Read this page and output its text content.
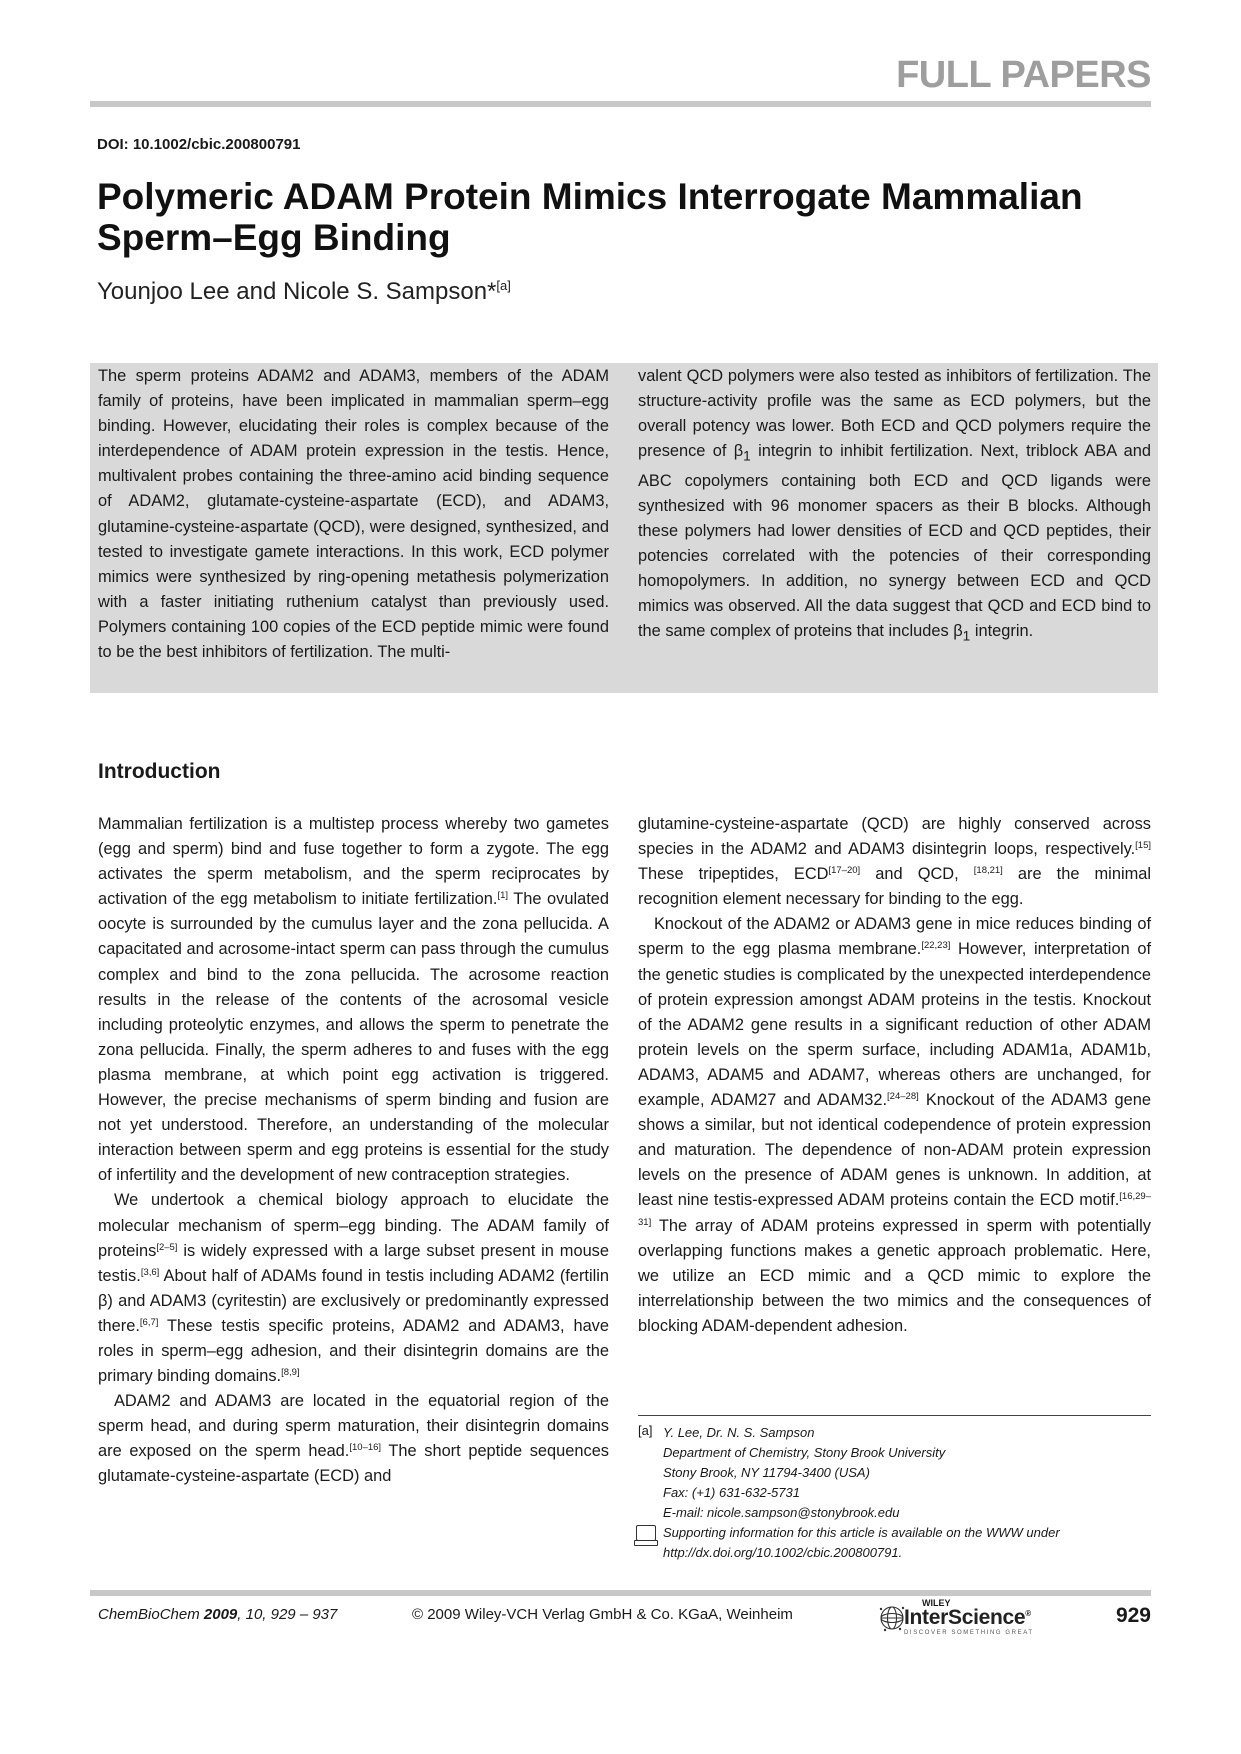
FULL PAPERS
DOI: 10.1002/cbic.200800791
Polymeric ADAM Protein Mimics Interrogate Mammalian Sperm–Egg Binding
Younjoo Lee and Nicole S. Sampson*[a]

The sperm proteins ADAM2 and ADAM3, members of the ADAM family of proteins, have been implicated in mammalian sperm–egg binding. However, elucidating their roles is complex because of the interdependence of ADAM protein expression in the testis. Hence, multivalent probes containing the three-amino acid binding sequence of ADAM2, glutamate-cysteine-aspartate (ECD), and ADAM3, glutamine-cysteine-aspartate (QCD), were designed, synthesized, and tested to investigate gamete interactions. In this work, ECD polymer mimics were synthesized by ring-opening metathesis polymerization with a faster initiating ruthenium catalyst than previously used. Polymers containing 100 copies of the ECD peptide mimic were found to be the best inhibitors of fertilization. The multi-

valent QCD polymers were also tested as inhibitors of fertilization. The structure-activity profile was the same as ECD polymers, but the overall potency was lower. Both ECD and QCD polymers require the presence of $\beta_1$ integrin to inhibit fertilization. Next, triblock ABA and ABC copolymers containing both ECD and QCD ligands were synthesized with 96 monomer spacers as their B blocks. Although these polymers had lower densities of ECD and QCD peptides, their potencies correlated with the potencies of their corresponding homopolymers. In addition, no synergy between ECD and QCD mimics was observed. All the data suggest that QCD and ECD bind to the same complex of proteins that includes $\beta_1$ integrin.

Introduction

Mammalian fertilization is a multistep process whereby two gametes (egg and sperm) bind and fuse together to form a zygote. The egg activates the sperm metabolism, and the sperm reciprocates by activation of the egg metabolism to initiate fertilization.[1] The ovulated oocyte is surrounded by the cumulus layer and the zona pellucida. A capacitated and acrosome-intact sperm can pass through the cumulus complex and bind to the zona pellucida. The acrosome reaction results in the release of the contents of the acrosomal vesicle including proteolytic enzymes, and allows the sperm to penetrate the zona pellucida. Finally, the sperm adheres to and fuses with the egg plasma membrane, at which point egg activation is triggered. However, the precise mechanisms of sperm binding and fusion are not yet understood. Therefore, an understanding of the molecular interaction between sperm and egg proteins is essential for the study of infertility and the development of new contraception strategies.

We undertook a chemical biology approach to elucidate the molecular mechanism of sperm–egg binding. The ADAM family of proteins[2–5] is widely expressed with a large subset present in mouse testis.[3,6] About half of ADAMs found in testis including ADAM2 (fertilin β) and ADAM3 (cyritestin) are exclusively or predominantly expressed there.[6,7] These testis specific proteins, ADAM2 and ADAM3, have roles in sperm–egg adhesion, and their disintegrin domains are the primary binding domains.[8,9]

ADAM2 and ADAM3 are located in the equatorial region of the sperm head, and during sperm maturation, their disintegrin domains are exposed on the sperm head.[10–16] The short peptide sequences glutamate-cysteine-aspartate (ECD) and

glutamine-cysteine-aspartate (QCD) are highly conserved across species in the ADAM2 and ADAM3 disintegrin loops, respectively.[15] These tripeptides, ECD[17–20] and QCD, [18,21] are the minimal recognition element necessary for binding to the egg.

Knockout of the ADAM2 or ADAM3 gene in mice reduces binding of sperm to the egg plasma membrane.[22,23] However, interpretation of the genetic studies is complicated by the unexpected interdependence of protein expression amongst ADAM proteins in the testis. Knockout of the ADAM2 gene results in a significant reduction of other ADAM protein levels on the sperm surface, including ADAM1a, ADAM1b, ADAM3, ADAM5 and ADAM7, whereas others are unchanged, for example, ADAM27 and ADAM32.[24–28] Knockout of the ADAM3 gene shows a similar, but not identical codependence of protein expression and maturation. The dependence of non-ADAM protein expression levels on the presence of ADAM genes is unknown. In addition, at least nine testis-expressed ADAM proteins contain the ECD motif.[16,29–31] The array of ADAM proteins expressed in sperm with potentially overlapping functions makes a genetic approach problematic. Here, we utilize an ECD mimic and a QCD mimic to explore the interrelationship between the two mimics and the consequences of blocking ADAM-dependent adhesion.

[a] Y. Lee, Dr. N. S. Sampson
Department of Chemistry, Stony Brook University
Stony Brook, NY 11794-3400 (USA)
Fax: (+1) 631-632-5731
E-mail: nicole.sampson@stonybrook.edu
Supporting information for this article is available on the WWW under
http://dx.doi.org/10.1002/cbic.200800791.
ChemBioChem 2009, 10, 929 – 937	© 2009 Wiley-VCH Verlag GmbH & Co. KGaA, Weinheim
WILEY
InterScience®
DISCOVER SOMETHING GREAT
929
